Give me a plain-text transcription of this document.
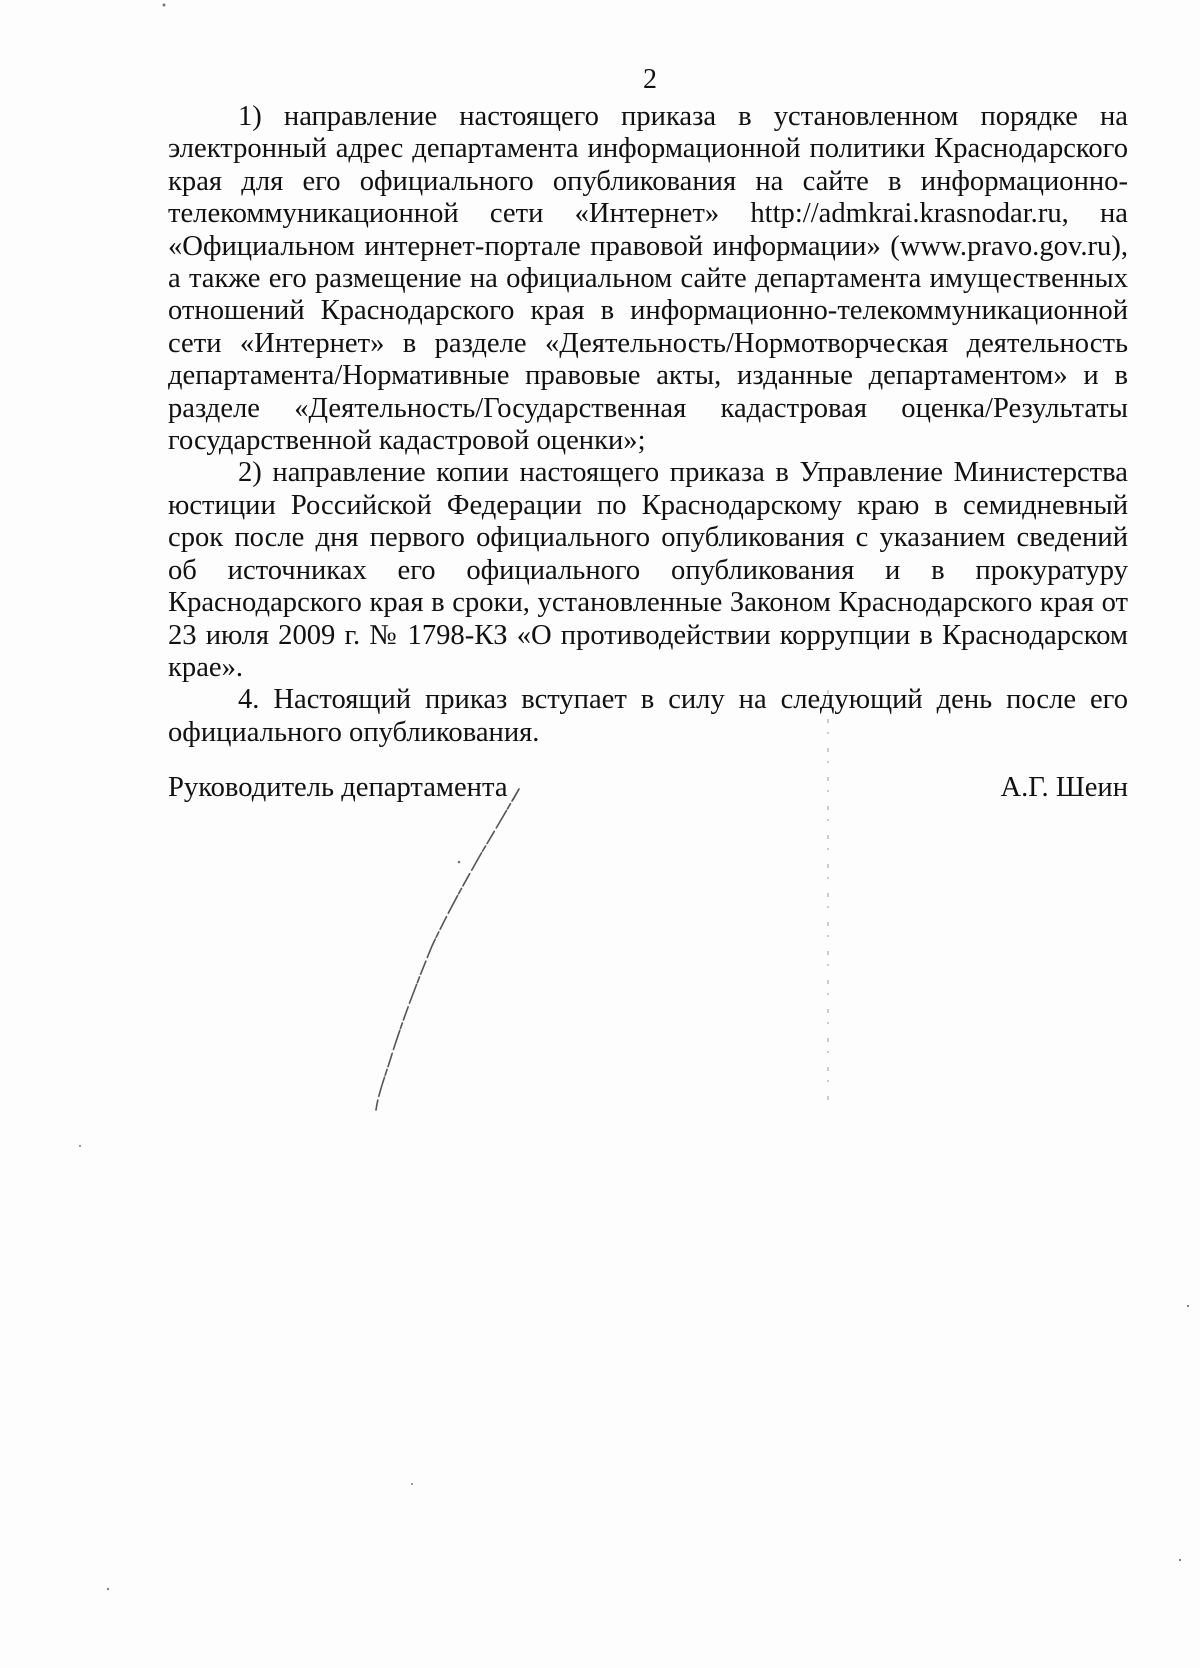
2

1) направление настоящего приказа в установленном порядке на электронный адрес департамента информационной политики Краснодарского края для его официального опубликования на сайте в информационно-телекоммуникационной сети «Интернет» http://admkrai.krasnodar.ru, на «Официальном интернет-портале правовой информации» (www.pravo.gov.ru), а также его размещение на официальном сайте департамента имущественных отношений Краснодарского края в информационно-телекоммуникационной сети «Интернет» в разделе «Деятельность/Нормотворческая деятельность департамента/Нормативные правовые акты, изданные департаментом» и в разделе «Деятельность/Государственная кадастровая оценка/Результаты государственной кадастровой оценки»;

2) направление копии настоящего приказа в Управление Министерства юстиции Российской Федерации по Краснодарскому краю в семидневный срок после дня первого официального опубликования с указанием сведений об источниках его официального опубликования и в прокуратуру Краснодарского края в сроки, установленные Законом Краснодарского края от 23 июля 2009 г. № 1798-КЗ «О противодействии коррупции в Краснодарском крае».

4. Настоящий приказ вступает в силу на следующий день после его официального опубликования.

Руководитель департамента	А.Г. Шеин
